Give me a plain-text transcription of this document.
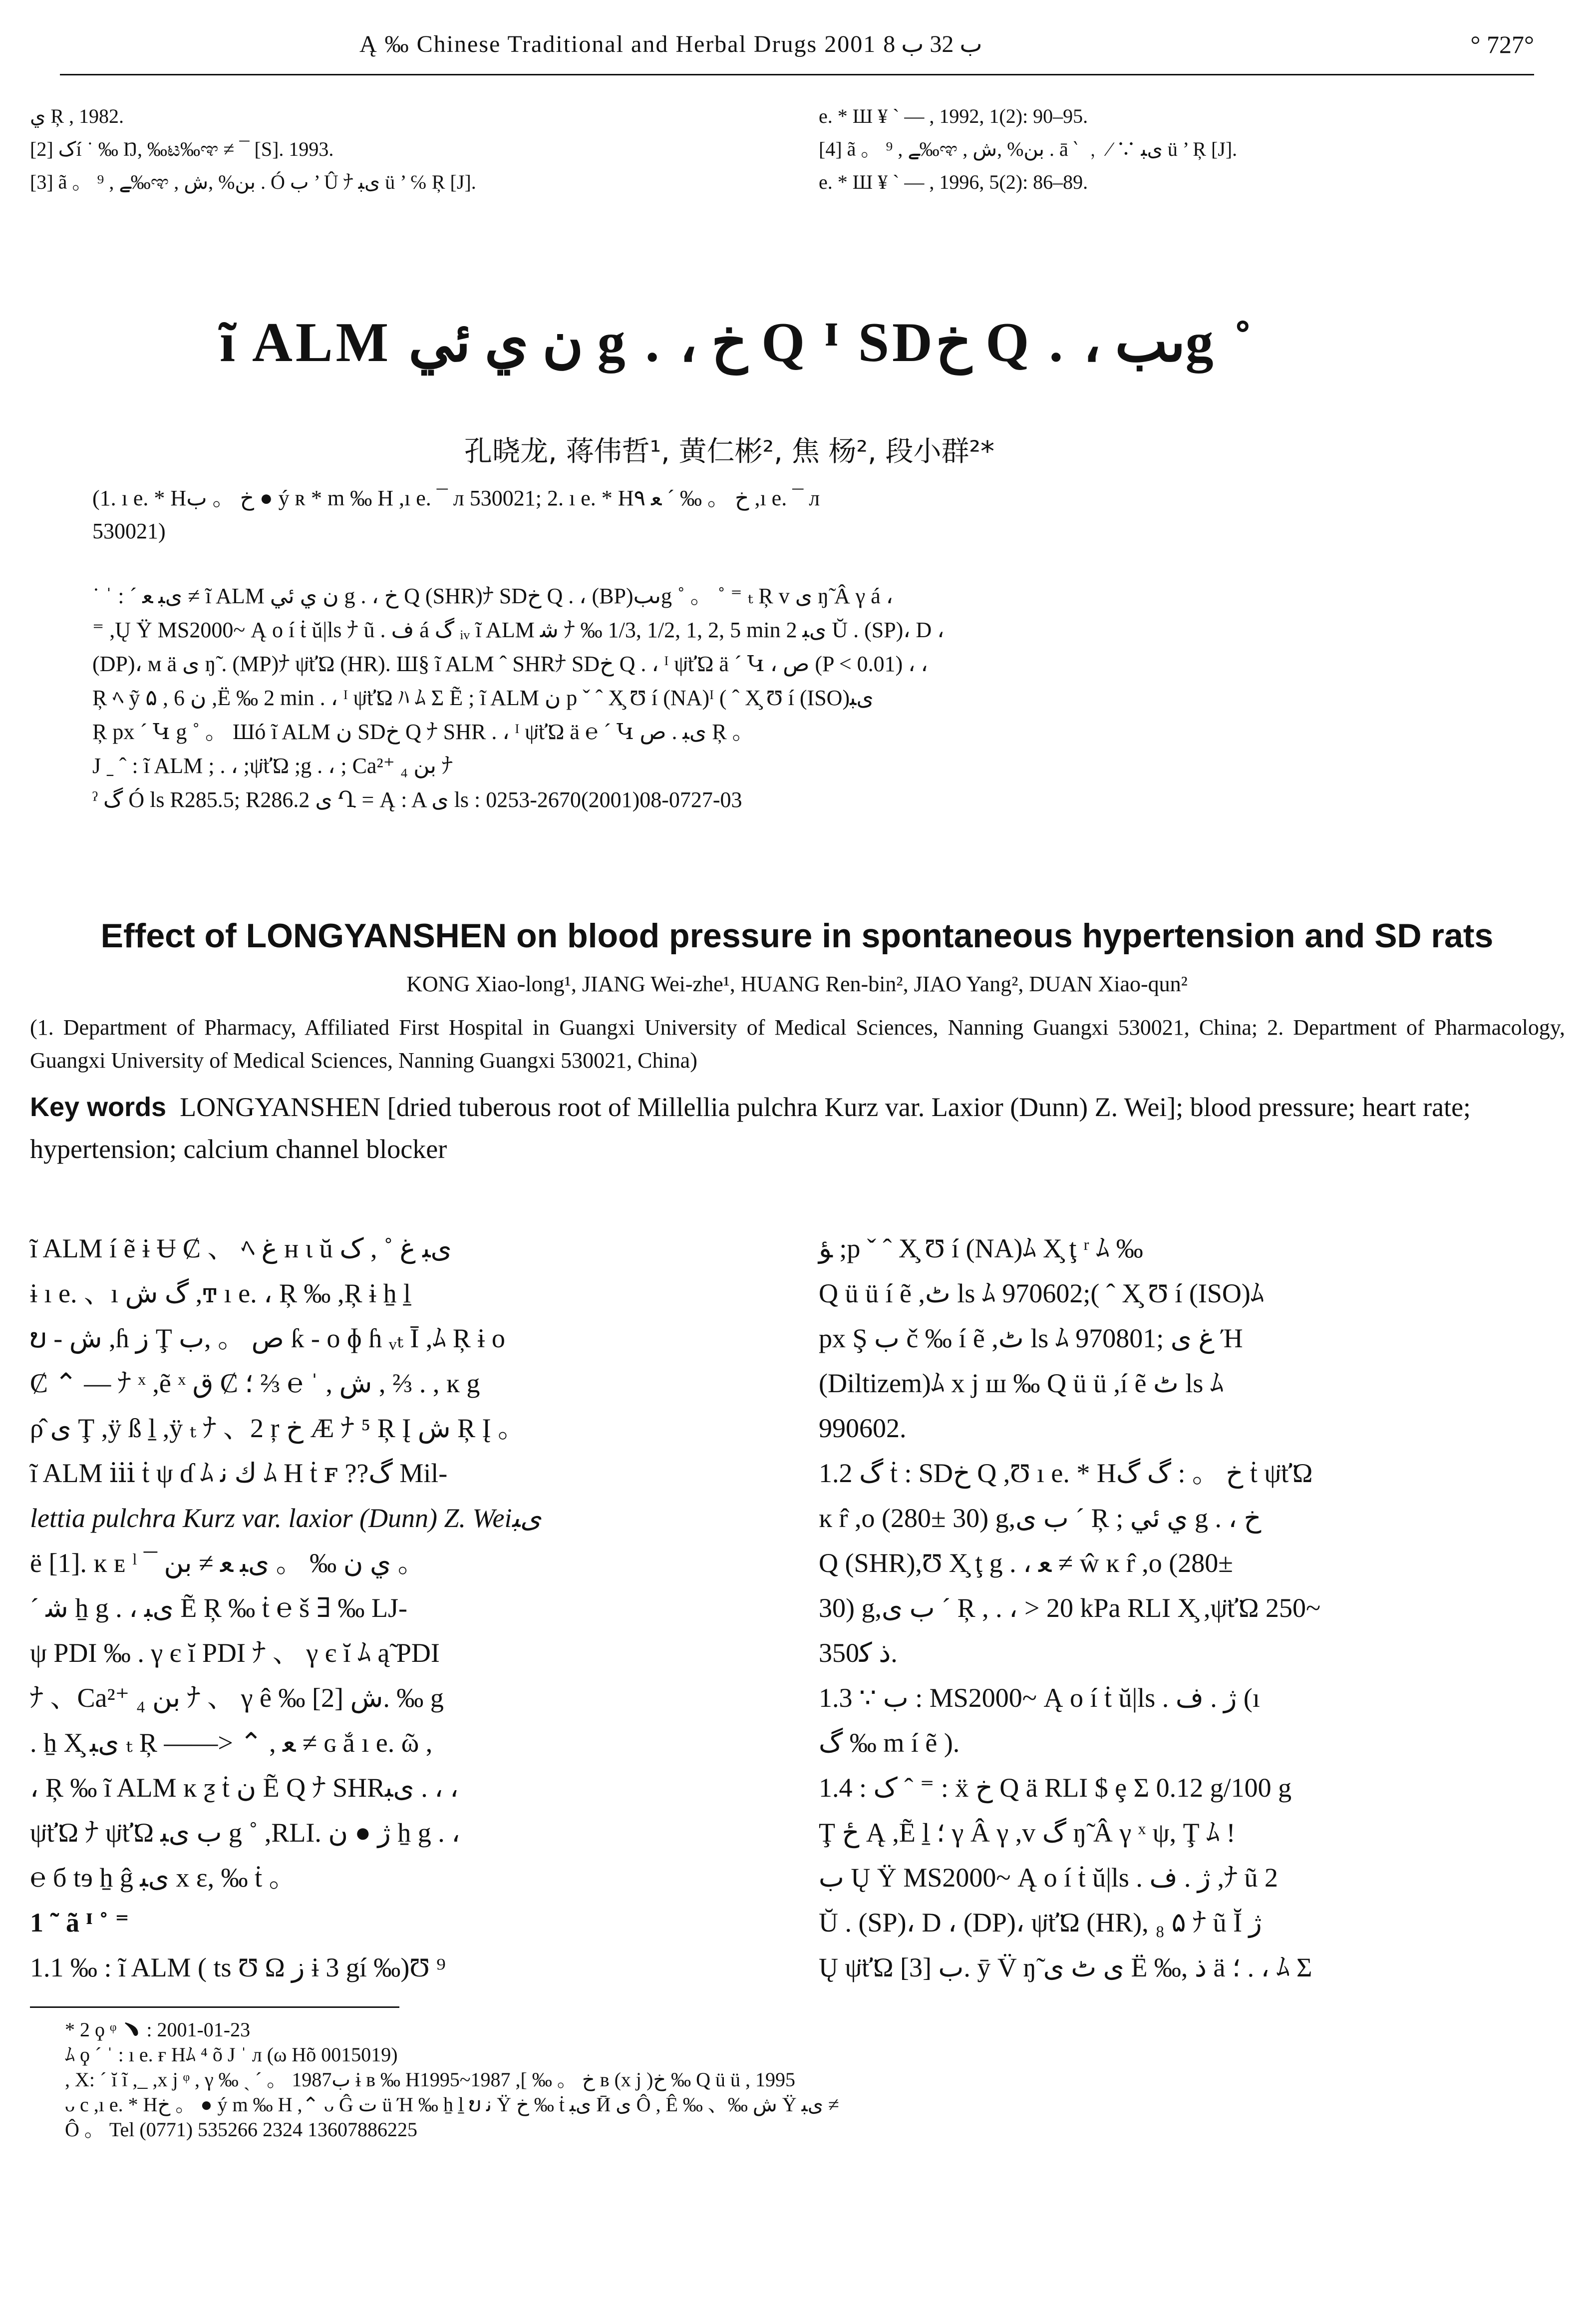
Ą ‰ Chinese Traditional and Herbal Drugs 2001 ب 32 ب 8	° 727°
ي Ŗ , 1982.
[2] ک‌í ˙ ‰ Ŋ, ‰ಟ‰ಞ ≠ ¯ [S]. 1993.
[3] ã 。 ⁹ , ‍ے‰ಞ , بن% ,ش . Ó ب ’ Û ﾅ ىﺒ ü ’ ℅ Ŗ [J].
e. * Ш ¥ ` — , 1992, 1(2): 90–95.
[4] ã 。 ⁹ , ‍ے‰ಞ , بن% ,ش . ā ‵ ﹐ ⁄ ∵ ىﺒ ü ’ Ŗ [J].
e. * Ш ¥ ` — , 1996, 5(2): 86–89.
ĩ ALM ن ي ئي g . ، خ Q ᴵ SDخ Q . ، ىبg ˚
孔晓龙, 蒋伟哲¹, 黄仁彬², 焦 杨², 段小群²*
(1. ı e. * Hخ 。 ب ● ý ʀ * m ‰ H ,ı e. ¯ л 530021; 2. ı e. * Hخ 。 ‰ ´ ﻌ ۹ ,ı e. ¯ л
530021)
˙ ˈ : ˊ ىﺒ ﻌ ≠ ĩ ALM ن ي ئي g . ، خ Q (SHR)ﾅ SDخ Q . ، (BP)ىبg ˚ 。 ˚ ⁼ ₜ Ŗ v ى ŋ̃ Â γ á ،
⁼ ,Ų Ÿ MS2000~ Ą o í ṫ ŭ|ls ﾅ ũ . ف á گ ᵢᵥ ĩ ALM ﺷ ﾅ ‰ 1/3, 1/2, 1, 2, 5 min ىﺒ 2 Ŭ . (SP)، D ،
(DP)، ᴍ ä ى ŋ̃ . (MP)ﾅ ψ̈ť̈Ω (HR). Ш§ ĩ ALM ˆ SHRﾅ SDخ Q . ، ᴵ ψ̈ť̈Ω ä ´ Կ ، ص (P < 0.01) ، ،
Ŗ ﾍ ỹ ۵ , 6 ن ,Ë ‰ 2 min . ، ᴵ ψ̈ť̈Ω ﾊ ﾑ Σ Ẽ ; ĩ ALM ن p ˇ ˆ X̧ Ʊ í (NA)ᴵ ( ˆ X̧ Ʊ í (ISO)ىﺒ
Ŗ px ´ Կ g ˚ 。 Шó ĩ ALM ن SDخ Q ﾅ SHR . ، ᴵ ψ̈ť̈Ω ä ℮ ´ Կ ىﺒ . ص Ŗ 。
Ј ˍ ˆ : ĩ ALM ; . ، ;ψ̈ť̈Ω ;g . ، ; Ca²⁺ ₄ بن ﾅ
ˀ گ Ó ls R285.5; R286.2 ی Ղ = Ą : A ی ls : 0253-2670(2001)08-0727-03
Effect of LONGYANSHEN on blood pressure in spontaneous hypertension and SD rats
KONG Xiao-long¹, JIANG Wei-zhe¹, HUANG Ren-bin², JIAO Yang², DUAN Xiao-qun²
(1. Department of Pharmacy, Affiliated First Hospital in Guangxi University of Medical Sciences, Nanning Guangxi 530021, China; 2. Department of Pharmacology, Guangxi University of Medical Sciences, Nanning Guangxi 530021, China)
Key words LONGYANSHEN [dried tuberous root of Millellia pulchra Kurz var. Laxior (Dunn) Z. Wei]; blood pressure; heart rate; hypertension; calcium channel blocker

ĩ ALM í ẽ ɨ Ʉ Ȼ 、 ﾍ غ ʜ ι ŭ ىﺒ غ ˚ , ک

ɨ ı e. 、ı گ ش ,ͳ ı e. ، Ŗ ‰ ,Ŗ ɨ ẖ ḻ

ບ - ش ,ɦ ﺯ Ţ ص 。 ,ب ƙ - o ɸ ɦ ᵥₜ Ī ,ﾑ Ŗ ɨ o

Ȼ ⌃ — ﾅ ˣ ,ẽ ˣ ق Ȼ ش , ˈ ℮ ⅔ ؛ , ⅔ . , ĸ g

ρ̂ ى Ţ ,ӱ ß ḻ ,ӱ ₜ ﾅ 、2 ŗ خ Æ ﾅ ⁵ Ŗ Į ش Ŗ Į 。

ĩ ALM ⅲ ṫ ψ ɗ ﾑ ك ﻧ ﾑ H ṫ ꜰ ??گ Mil-

lettia pulchra Kurz var. laxior (Dunn) Z. Weiىﺒ

ë [1]. ĸ ᴇ ˡ ¯ ي ن ‰ 。 ىﺒ ﻌ ≠ بن 。

ˊ ﺷ ẖ g . ، ىﺒ Ẽ Ŗ ‰ ṫ ℮ š ∃ ‰ LJ-

ψ PDI ‰ . γ є ĭ PDI ﾅ 、 γ є ĭ ﾑ ą̃ PDI

ﾅ 、Ca²⁺ ₄ بن ﾅ 、 γ ê ‰ ش [2]. ‰ g

. ẖ X̧ ىﺒ ₜ Ŗ ——> ⌃ , ﻌ ≠ ɢ ắ ı e. ῶ ,

، Ŗ ‰ ĩ ALM ĸ ƺ ṫ ن Ẽ Q ﾅ SHRىﺒ . ، ،

ψ̈ť̈Ω ﾅ ψ̈ť̈Ω ب ىﺒ g ˚ ,RLI. ژ ● ن ẖ g . ،

℮ б tɘ ẖ ĝ ىﺒ x ε, ‰ ṫ 。

1 ˜ ã ᴵ ˚ ⁼

1.1 ‰ : ĩ ALM ( ts Ʊ Ω ﺯ ɨ 3 gí ‰)Ʊ ⁹

ﺆ ;p ˇ ˆ X̧ Ʊ í (NA)ﾑ X̧ ţ ʳ ﾑ ‰

Q ü ü í ẽ ,ٹ ls ﾑ 970602;( ˆ X̧ Ʊ í (ISO)ﾑ

px Ş ب č ‰ í ẽ ,ٹ ls ﾑ 970801; غ ی Ή

(Diltizem)ﾑ x j ш ‰ Q ü ü ,í ẽ ٹ ls ﾑ

990602.

1.2 گ ṫ : SDخ Q ,Ʊ ı e. * Hخ 。 : گ گ ṫ ψ̈ť̈Ω

ĸ r̂ ,o (280± 30) g,ب ی ´ Ŗ ; ي ئي g . ، خ

Q (SHR),Ʊ X̧ ţ g . ، ﻌ ≠ ŵ ĸ r̂ ,o (280±

30) g,ب ی ´ Ŗ , . ، > 20 kPa RLI X̧ ,ψ̈ť̈Ω 250~

350ﺫ ﮐ.

1.3 ∵ ب : MS2000~ Ą o í ṫ ŭ|ls . ژ . ف (ı

گ ‰ m í ẽ ).

1.4 : ک ˆ ⁼ : ẍ خ Q ä RLI $ ȩ Σ 0.12 g/100 g

Ţ ځ Ą ,Ẽ ḻ ؛ γ Â γ ,v گ ŋ̃ Â γ ˣ ψ, Ţ ﾑ !

ب Ų Ÿ MS2000~ Ą o í ṫ ŭ|ls . ژ . ف ,ﾅ ũ 2

Ŭ . (SP)، D ، (DP)، ψ̈ť̈Ω (HR), ₈ ۵ ﾅ ũ Ĭ ژ

Ų ψ̈ť̈Ω ب [3]. ӯ V̈ ŋ̃ ی ٹ ى Ë ‰, ﺫ ä ؛ . ، ﾑ Σ

* 2 ϙ ᵠ ﹅ : 2001-01-23
ﾑ ϙ ´ ˈ : ı e. ғ Hﾑ ⁴ õ Ј ˈ л (ω Hõ 0015019)
, Χ: ´ ĭ ĩ ,_ ,x j ᵠ , γ ‰ ˏ ˊ 。 1987ب ɨ ʙ ‰ Hخ 。 ‰ ], 1987~1995 ʙ (x j )خ ‰ Q ü ü , 1995
ᴗ c ,ı e. * Hخ 。 ● ý m ‰ H ,⌃ ᴗ Ĝ ت ü Ή ‰ ẖ ḻ ບ ﻧ Ÿ خ ‰ ṫ ىﺒ Ӣ ی Ô , Ê ‰ 、‰ ش Ÿ ىﺒ ≠
Ô 。 Tel (0771) 535266 2324 13607886225
